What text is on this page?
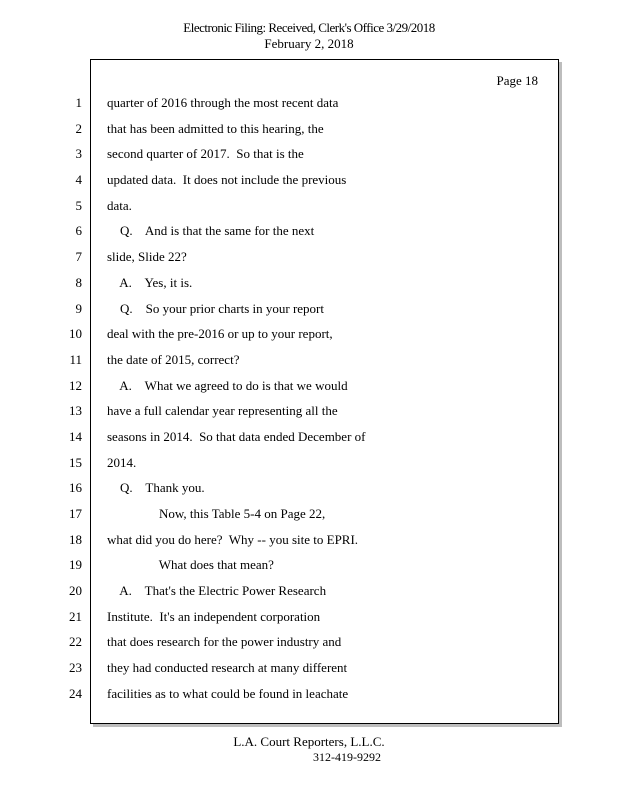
Electronic Filing: Received, Clerk's Office 3/29/2018
February 2, 2018
Page 18
1 quarter of 2016 through the most recent data
2 that has been admitted to this hearing, the
3 second quarter of 2017.  So that is the
4 updated data.  It does not include the previous
5 data.
6 Q.    And is that the same for the next
7 slide, Slide 22?
8 A.    Yes, it is.
9 Q.    So your prior charts in your report
10 deal with the pre-2016 or up to your report,
11 the date of 2015, correct?
12 A.    What we agreed to do is that we would
13 have a full calendar year representing all the
14 seasons in 2014.  So that data ended December of
15 2014.
16 Q.    Thank you.
17 Now, this Table 5-4 on Page 22,
18 what did you do here?  Why -- you site to EPRI.
19 What does that mean?
20 A.    That's the Electric Power Research
21 Institute.  It's an independent corporation
22 that does research for the power industry and
23 they had conducted research at many different
24 facilities as to what could be found in leachate
L.A. Court Reporters, L.L.C.
312-419-9292
